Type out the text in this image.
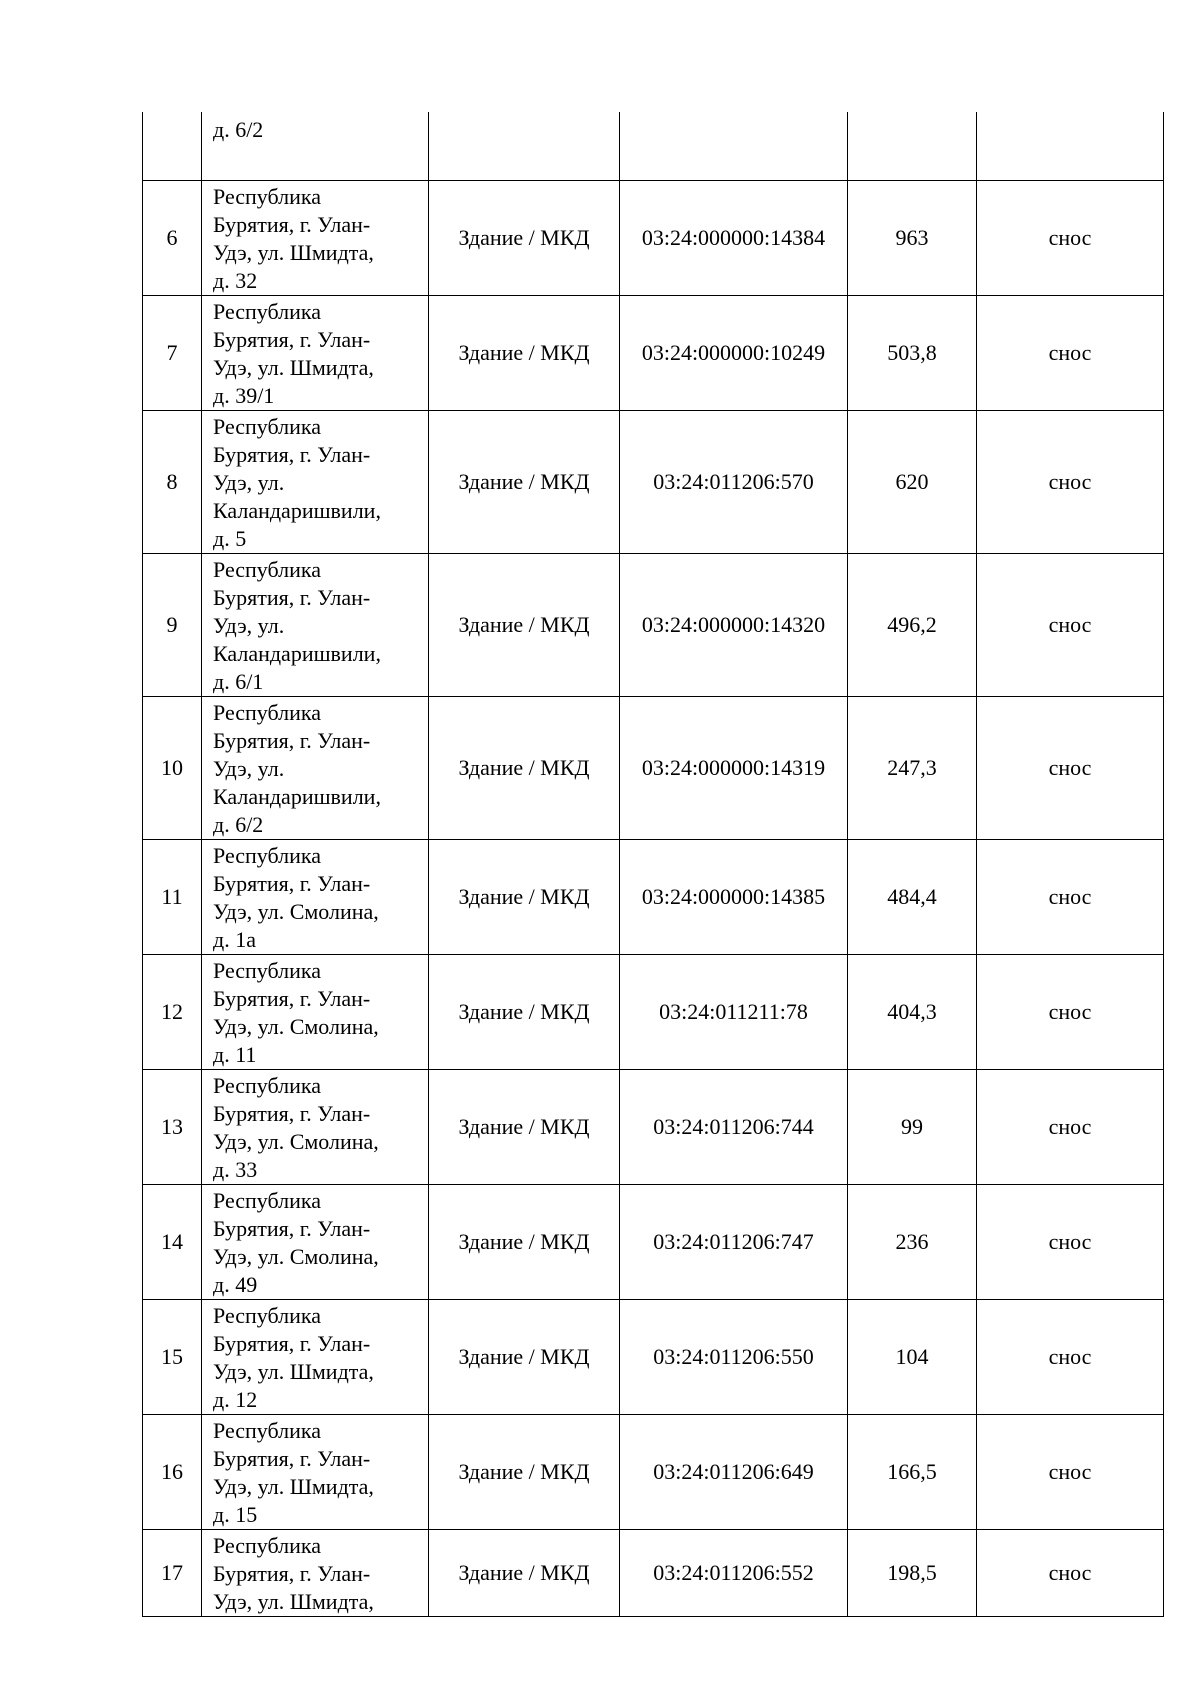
	д. 6/2				

6	Республика
Бурятия, г. Улан-
Удэ, ул. Шмидта,
д. 32	Здание / МКД	03:24:000000:14384	963	снос
7	Республика
Бурятия, г. Улан-
Удэ, ул. Шмидта,
д. 39/1	Здание / МКД	03:24:000000:10249	503,8	снос
8	Республика
Бурятия, г. Улан-
Удэ, ул.
Каландаришвили,
д. 5	Здание / МКД	03:24:011206:570	620	снос
9	Республика
Бурятия, г. Улан-
Удэ, ул.
Каландаришвили,
д. 6/1	Здание / МКД	03:24:000000:14320	496,2	снос
10	Республика
Бурятия, г. Улан-
Удэ, ул.
Каландаришвили,
д. 6/2	Здание / МКД	03:24:000000:14319	247,3	снос
11	Республика
Бурятия, г. Улан-
Удэ, ул. Смолина,
д. 1а	Здание / МКД	03:24:000000:14385	484,4	снос
12	Республика
Бурятия, г. Улан-
Удэ, ул. Смолина,
д. 11	Здание / МКД	03:24:011211:78	404,3	снос
13	Республика
Бурятия, г. Улан-
Удэ, ул. Смолина,
д. 33	Здание / МКД	03:24:011206:744	99	снос
14	Республика
Бурятия, г. Улан-
Удэ, ул. Смолина,
д. 49	Здание / МКД	03:24:011206:747	236	снос
15	Республика
Бурятия, г. Улан-
Удэ, ул. Шмидта,
д. 12	Здание / МКД	03:24:011206:550	104	снос
16	Республика
Бурятия, г. Улан-
Удэ, ул. Шмидта,
д. 15	Здание / МКД	03:24:011206:649	166,5	снос
17	Республика
Бурятия, г. Улан-
Удэ, ул. Шмидта,	Здание / МКД	03:24:011206:552	198,5	снос
